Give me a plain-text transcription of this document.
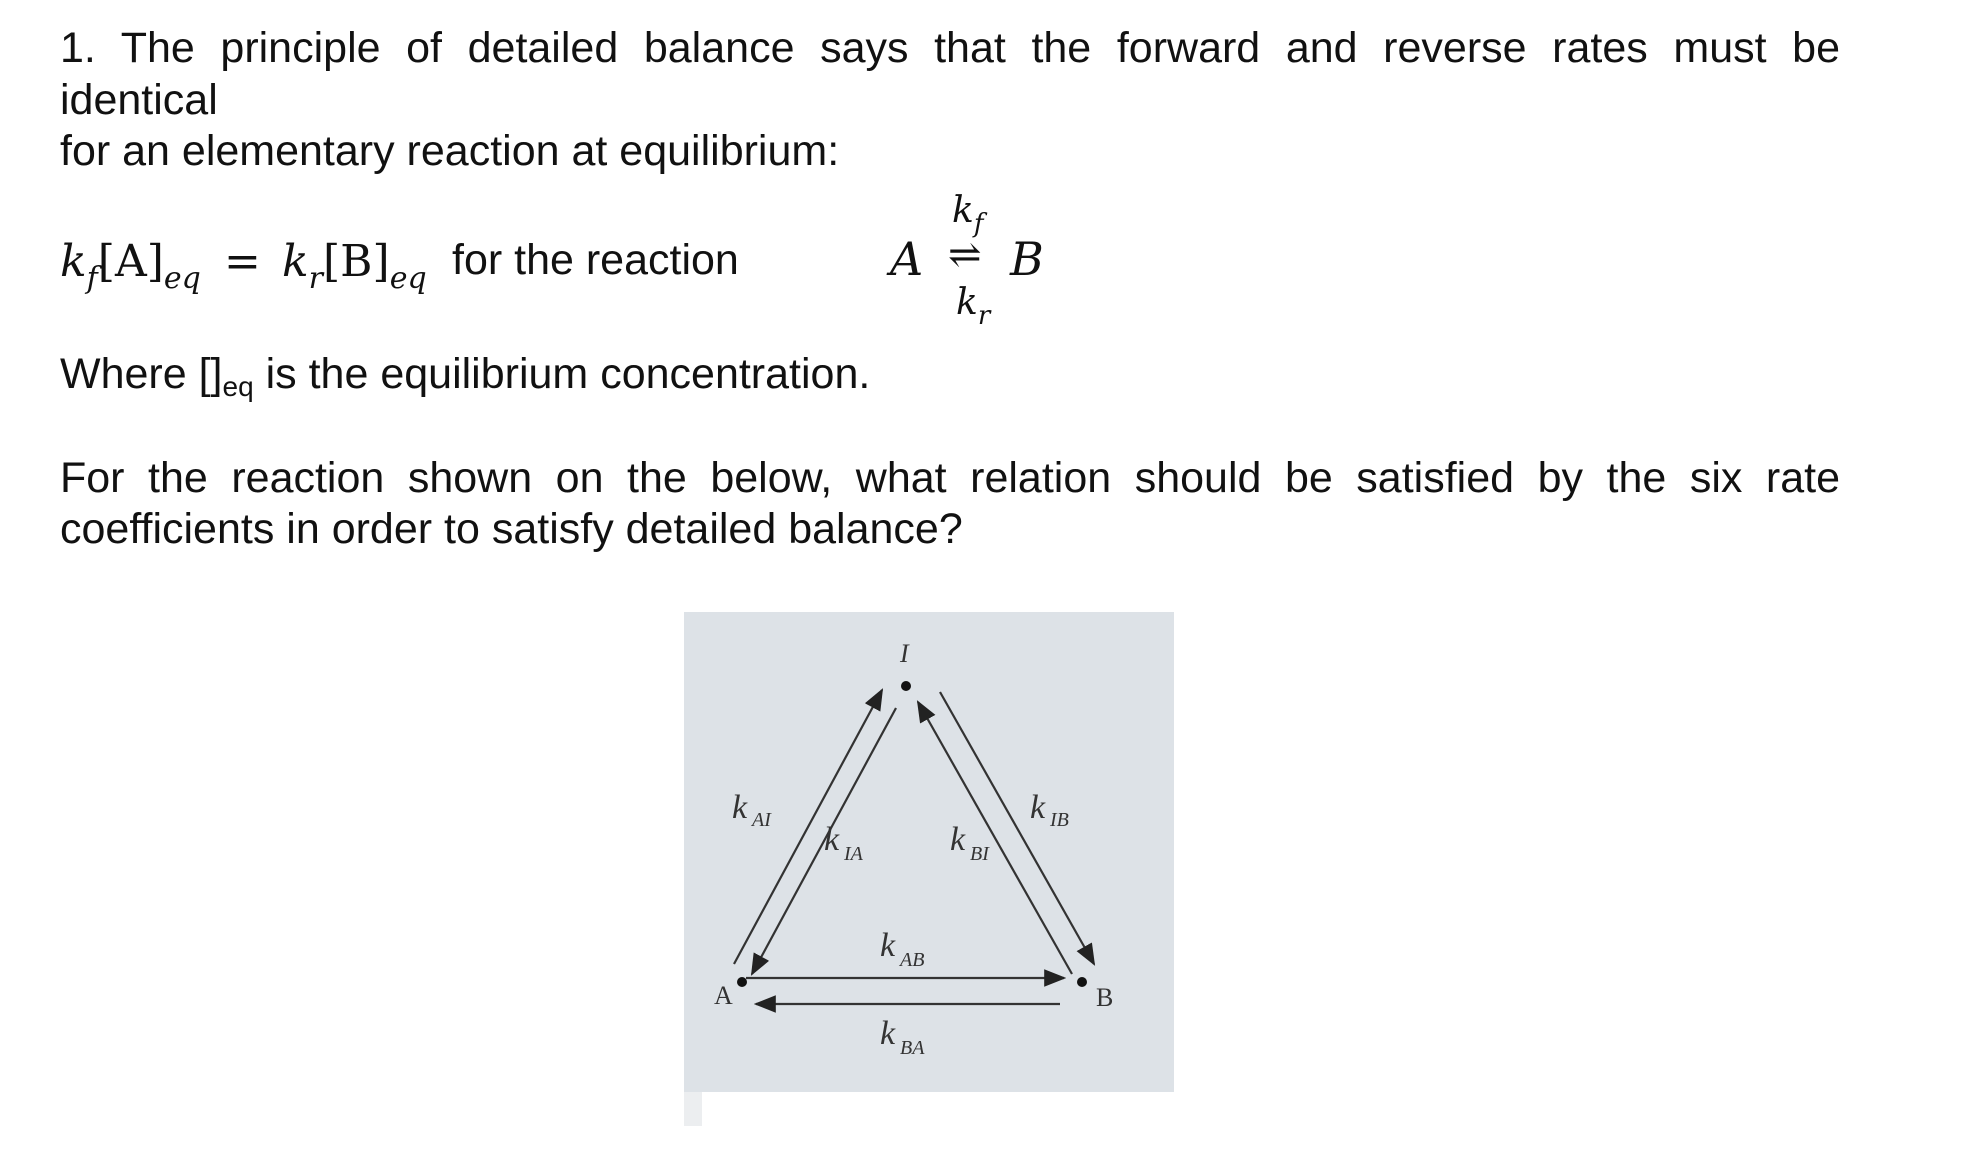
1. The principle of detailed balance says that the forward and reverse rates must be

identical

for an elementary reaction at equilibrium:

$k_f[A]_{eq} = k_r[B]_{eq}$ for the reaction	A ⇌ B
$k_f$
$k_r$

Where []eq is the equilibrium concentration.

For the reaction shown on the below, what relation should be satisfied by the six rate

coefficients in order to satisfy detailed balance?

I
A	B
k AI
k IA	k BI
k IB
k AB
k BA
